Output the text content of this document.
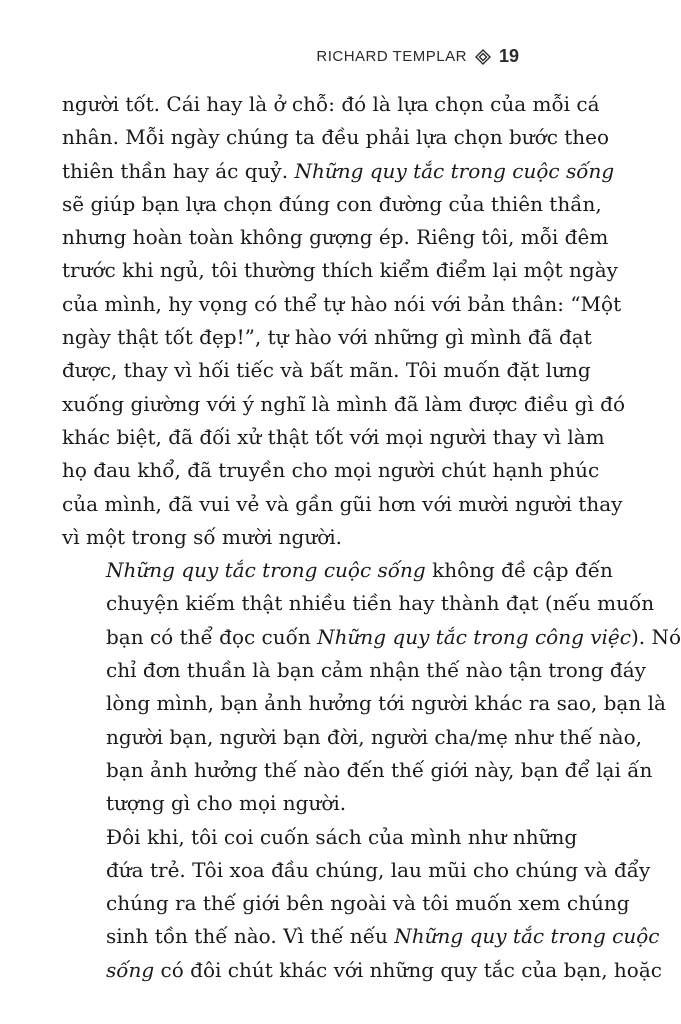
RICHARD TEMPLAR 19

người tốt. Cái hay là ở chỗ: đó là lựa chọn của mỗi cá
nhân. Mỗi ngày chúng ta đều phải lựa chọn bước theo
thiên thần hay ác quỷ. Những quy tắc trong cuộc sống
sẽ giúp bạn lựa chọn đúng con đường của thiên thần,
nhưng hoàn toàn không gượng ép. Riêng tôi, mỗi đêm
trước khi ngủ, tôi thường thích kiểm điểm lại một ngày
của mình, hy vọng có thể tự hào nói với bản thân: “Một
ngày thật tốt đẹp!”, tự hào với những gì mình đã đạt
được, thay vì hối tiếc và bất mãn. Tôi muốn đặt lưng
xuống giường với ý nghĩ là mình đã làm được điều gì đó
khác biệt, đã đối xử thật tốt với mọi người thay vì làm
họ đau khổ, đã truyền cho mọi người chút hạnh phúc
của mình, đã vui vẻ và gần gũi hơn với mười người thay
vì một trong số mười người.

Những quy tắc trong cuộc sống không đề cập đến
chuyện kiếm thật nhiều tiền hay thành đạt (nếu muốn
bạn có thể đọc cuốn Những quy tắc trong công việc). Nó
chỉ đơn thuần là bạn cảm nhận thế nào tận trong đáy
lòng mình, bạn ảnh hưởng tới người khác ra sao, bạn là
người bạn, người bạn đời, người cha/mẹ như thế nào,
bạn ảnh hưởng thế nào đến thế giới này, bạn để lại ấn
tượng gì cho mọi người.

Đôi khi, tôi coi cuốn sách của mình như những
đứa trẻ. Tôi xoa đầu chúng, lau mũi cho chúng và đẩy
chúng ra thế giới bên ngoài và tôi muốn xem chúng
sinh tồn thế nào. Vì thế nếu Những quy tắc trong cuộc
sống có đôi chút khác với những quy tắc của bạn, hoặc
